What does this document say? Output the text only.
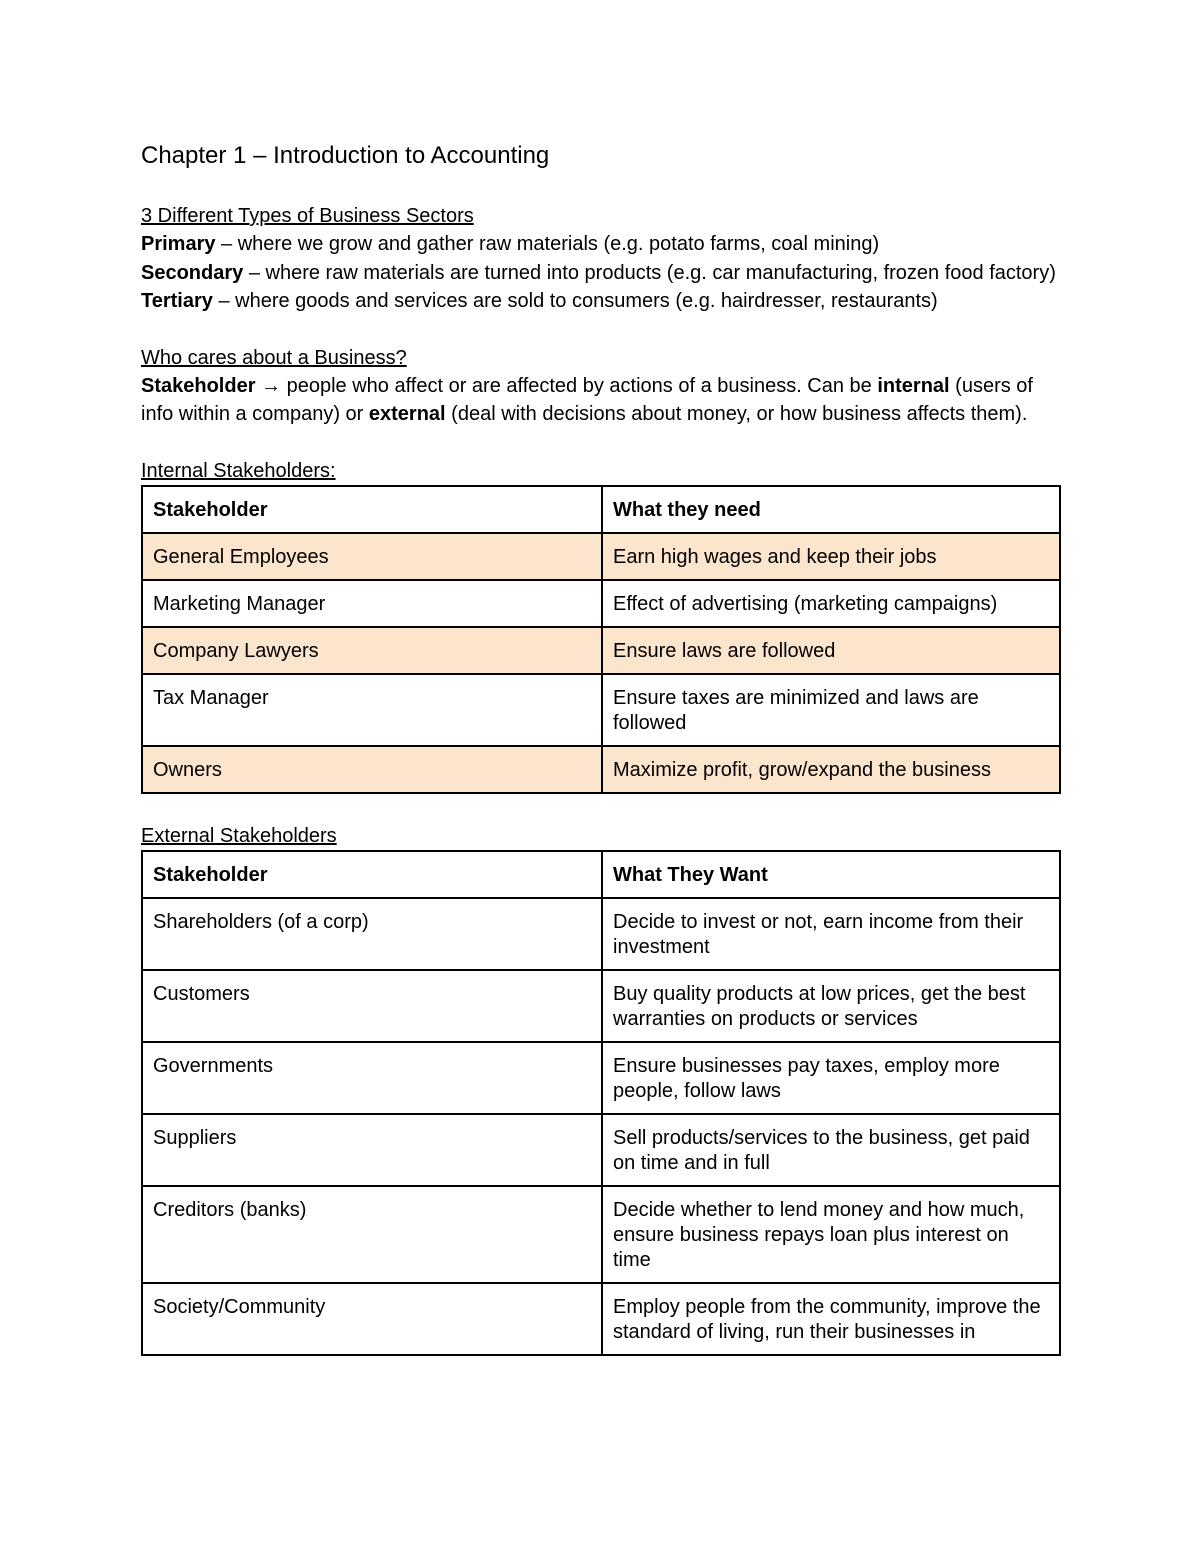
Chapter 1 – Introduction to Accounting
3 Different Types of Business Sectors

Primary – where we grow and gather raw materials (e.g. potato farms, coal mining)

Secondary – where raw materials are turned into products (e.g. car manufacturing, frozen food factory)

Tertiary – where goods and services are sold to consumers (e.g. hairdresser, restaurants)

Who cares about a Business?

Stakeholder → people who affect or are affected by actions of a business. Can be internal (users of info within a company) or external (deal with decisions about money, or how business affects them).

Internal Stakeholders:
Stakeholder	What they need
General Employees	Earn high wages and keep their jobs
Marketing Manager	Effect of advertising (marketing campaigns)
Company Lawyers	Ensure laws are followed
Tax Manager	Ensure taxes are minimized and laws are followed
Owners	Maximize profit, grow/expand the business
External Stakeholders
Stakeholder	What They Want
Shareholders (of a corp)	Decide to invest or not, earn income from their investment
Customers	Buy quality products at low prices, get the best warranties on products or services
Governments	Ensure businesses pay taxes, employ more people, follow laws
Suppliers	Sell products/services to the business, get paid on time and in full
Creditors (banks)	Decide whether to lend money and how much, ensure business repays loan plus interest on time
Society/Community	Employ people from the community, improve the standard of living, run their businesses in
